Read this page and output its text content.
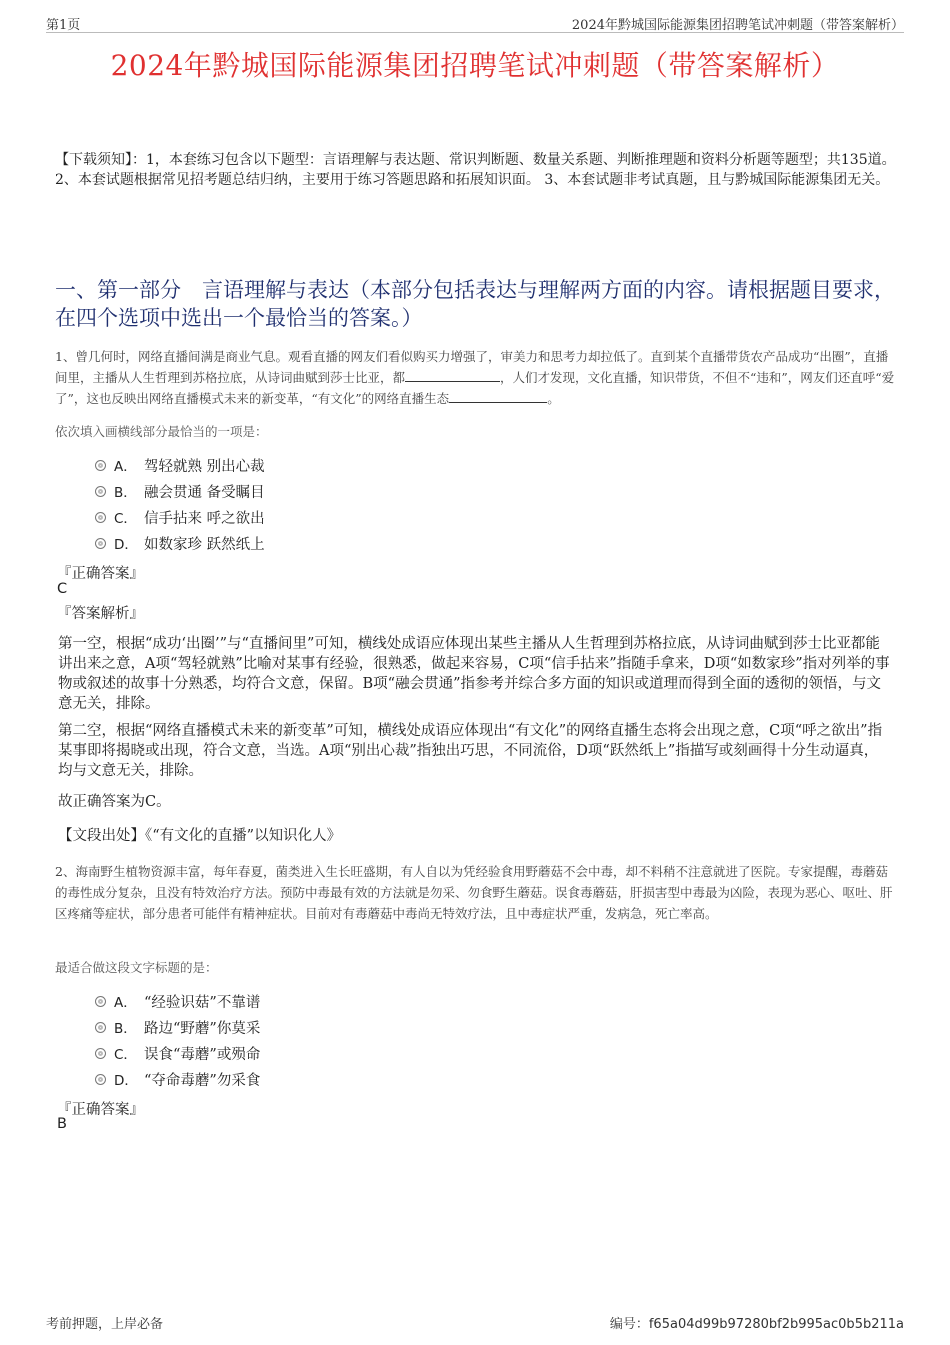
第1页	2024年黔城国际能源集团招聘笔试冲刺题（带答案解析）
2024年黔城国际能源集团招聘笔试冲刺题（带答案解析）
【下载须知】：1，本套练习包含以下题型：言语理解与表达题、常识判断题、数量关系题、判断推理题和资料分析题等题型；共135道。 2、本套试题根据常见招考题总结归纳，主要用于练习答题思路和拓展知识面。 3、本套试题非考试真题，且与黔城国际能源集团无关。
一、第一部分　言语理解与表达（本部分包括表达与理解两方面的内容。请根据题目要求，在四个选项中选出一个最恰当的答案。）
1、曾几何时，网络直播间满是商业气息。观看直播的网友们看似购买力增强了，审美力和思考力却拉低了。直到某个直播带货农产品成功“出圈”，直播间里，主播从人生哲理到苏格拉底，从诗词曲赋到莎士比亚，都	，人们才发现，文化直播，知识带货，不但不“违和”，网友们还直呼“爱了”，这也反映出网络直播模式未来的新变革，“有文化”的网络直播生态	。
依次填入画横线部分最恰当的一项是：
A． 驾轻就熟 别出心裁
B． 融会贯通 备受瞩目
C． 信手拈来 呼之欲出
D． 如数家珍 跃然纸上
『正确答案』
C
『答案解析』
第一空，根据“成功‘出圈’”与“直播间里”可知，横线处成语应体现出某些主播从人生哲理到苏格拉底，从诗词曲赋到莎士比亚都能讲出来之意，A项“驾轻就熟”比喻对某事有经验，很熟悉，做起来容易，C项“信手拈来”指随手拿来，D项“如数家珍”指对列举的事物或叙述的故事十分熟悉，均符合文意，保留。B项“融会贯通”指参考并综合多方面的知识或道理而得到全面的透彻的领悟，与文意无关，排除。
第二空，根据“网络直播模式未来的新变革”可知，横线处成语应体现出“有文化”的网络直播生态将会出现之意，C项“呼之欲出”指某事即将揭晓或出现，符合文意，当选。A项“别出心裁”指独出巧思，不同流俗，D项“跃然纸上”指描写或刻画得十分生动逼真，均与文意无关，排除。
故正确答案为C。
【文段出处】《“有文化的直播”以知识化人》
2、海南野生植物资源丰富，每年春夏，菌类进入生长旺盛期，有人自以为凭经验食用野蘑菇不会中毒，却不料稍不注意就进了医院。专家提醒，毒蘑菇的毒性成分复杂，且没有特效治疗方法。预防中毒最有效的方法就是勿采、勿食野生蘑菇。误食毒蘑菇，肝损害型中毒最为凶险，表现为恶心、呕吐、肝区疼痛等症状，部分患者可能伴有精神症状。目前对有毒蘑菇中毒尚无特效疗法，且中毒症状严重，发病急，死亡率高。
最适合做这段文字标题的是：
A． “经验识菇”不靠谱
B． 路边“野蘑”你莫采
C． 误食“毒蘑”或殒命
D． “夺命毒蘑”勿采食
『正确答案』
B
考前押题，上岸必备	编号：f65a04d99b97280bf2b995ac0b5b211a
